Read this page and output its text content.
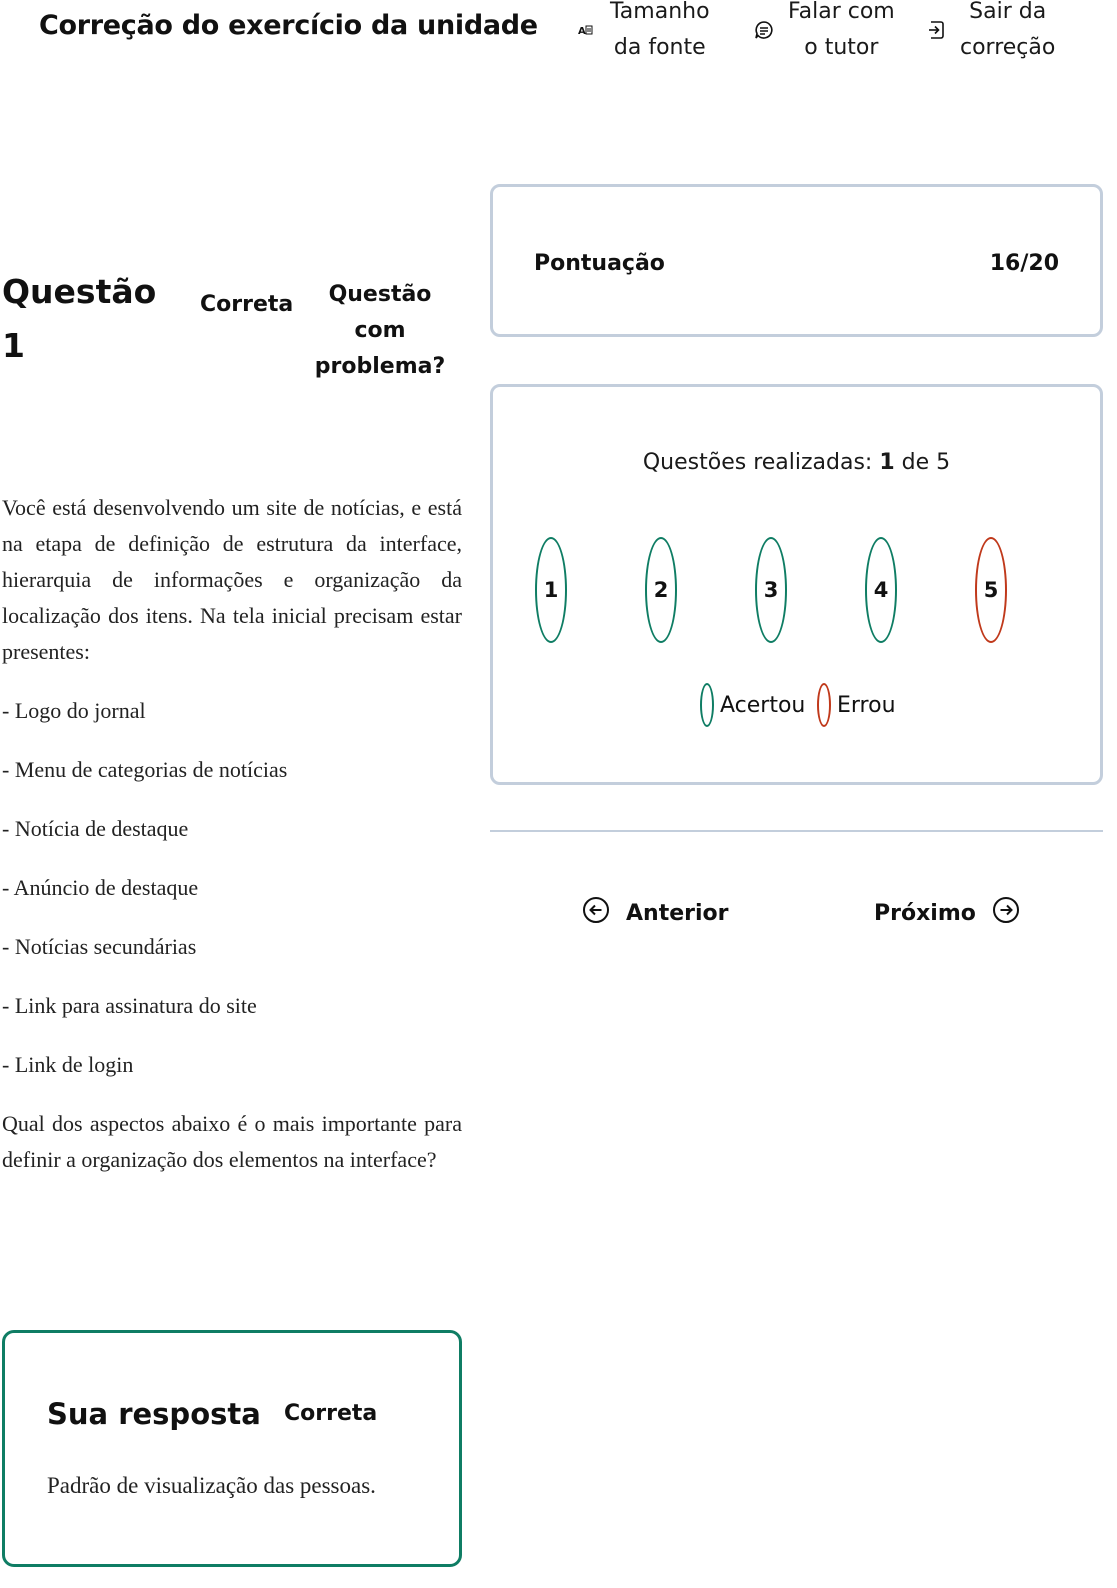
Correção do exercício da unidade	A
Tamanho
da fonte
Falar com
o tutor
Sair da
correção
Questão 1
Correta	Questão com problema?

Você está desenvolvendo um site de notícias, e está na etapa de definição de estrutura da interface, hierarquia de informações e organização da localização dos itens. Na tela inicial precisam estar presentes:

- Logo do jornal

- Menu de categorias de notícias

- Notícia de destaque

- Anúncio de destaque

- Notícias secundárias

- Link para assinatura do site

- Link de login

Qual dos aspectos abaixo é o mais importante para definir a organização dos elementos na interface?

Sua resposta Correta
Padrão de visualização das pessoas.
Pontuação	16/20
Questões realizadas: 1 de 5
1	2	3	4	5
Acertou Errou
Anterior	Próximo
